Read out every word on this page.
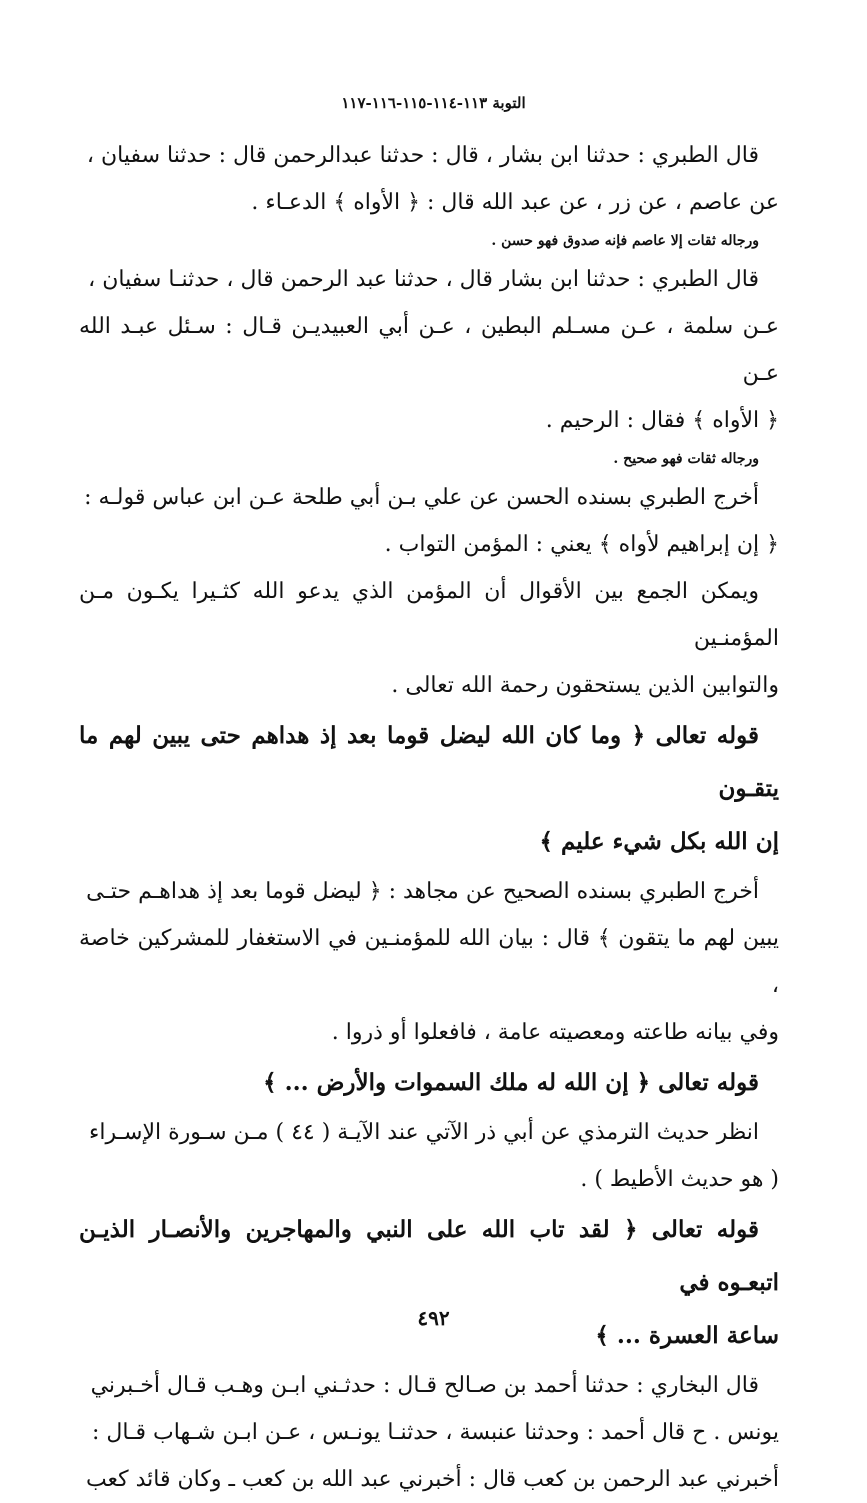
التوبة ١١٣-١١٤-١١٥-١١٦-١١٧

قال الطبري : حدثنا ابن بشار ، قال : حدثنا عبدالرحمن قال : حدثنا سفيان ،

عن عاصم ، عن زر ، عن عبد الله قال : ﴿ الأواه ﴾ الدعـاء .

ورجاله ثقات إلا عاصم فإنه صدوق فهو حسن .

قال الطبري : حدثنا ابن بشار قال ، حدثنا عبد الرحمن قال ، حدثنـا سفيان ،

عـن سلمة ، عـن مسـلم البطين ، عـن أبي العبيديـن قـال : سـئل عبـد الله عـن

﴿ الأواه ﴾ فقال : الرحيم .

ورجاله ثقات فهو صحيح .

أخرج الطبري بسنده الحسن عن علي بـن أبي طلحة عـن ابن عباس قولـه :

﴿ إن إبراهيم لأواه ﴾ يعني : المؤمن التواب .

ويمكن الجمع بين الأقوال أن المؤمن الذي يدعو الله كثـيرا يكـون مـن المؤمنـين

والتوابين الذين يستحقون رحمة الله تعالى .

قوله تعالى ﴿ وما كان الله ليضل قوما بعد إذ هداهم حتى يبين لهم ما يتقـون

إن الله بكل شيء عليم ﴾

أخرج الطبري بسنده الصحيح عن مجاهد : ﴿ ليضل قوما بعد إذ هداهـم حتـى

يبين لهم ما يتقون ﴾ قال : بيان الله للمؤمنـين في الاستغفار للمشركين خاصة ،

وفي بيانه طاعته ومعصيته عامة ، فافعلوا أو ذروا .

قوله تعالى ﴿ إن الله له ملك السموات والأرض ... ﴾

انظر حديث الترمذي عن أبي ذر الآتي عند الآيـة ( ٤٤ ) مـن سـورة الإسـراء

( هو حديث الأطيط ) .

قوله تعالى ﴿ لقد تاب الله على النبي والمهاجرين والأنصـار الذيـن اتبعـوه في

ساعة العسرة ... ﴾

قال البخاري : حدثنا أحمد بن صـالح قـال : حدثـني ابـن وهـب قـال أخـبرني

يونس . ح قال أحمد : وحدثنا عنبسة ، حدثنـا يونـس ، عـن ابـن شـهاب قـال :

أخبرني عبد الرحمن بن كعب قال : أخبرني عبد الله بن كعب ـ وكان قائد كعب

٤٩٢
